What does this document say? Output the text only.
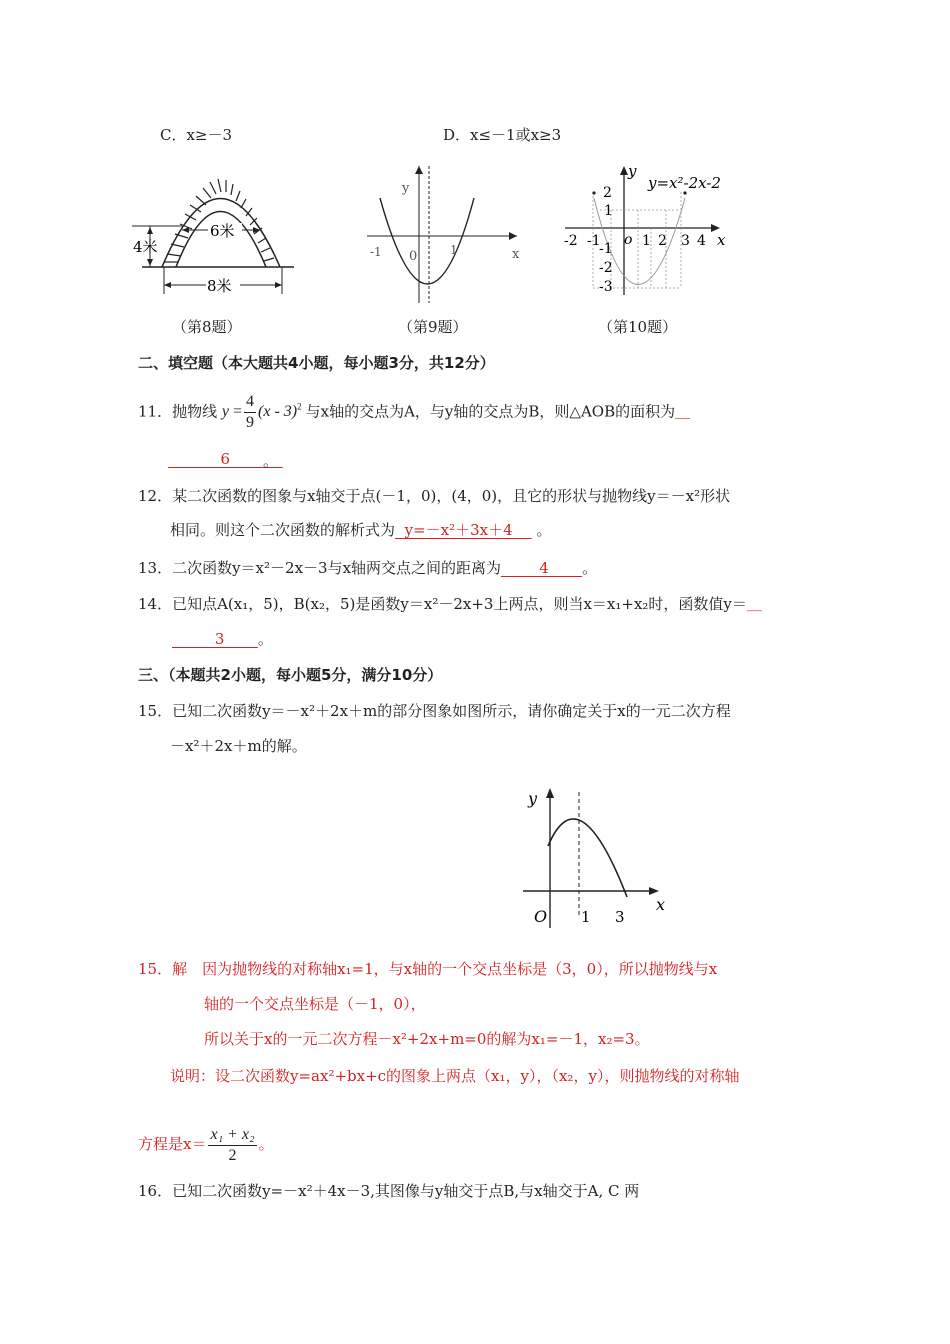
C．x≥－3	D．x≤－1或x≥3
6米
4米
8米
y
x
-1	1
0
y
x
y=x²-2x-2
o
-2 -1	1 2 3 4
2
1
-1
-2
-3
（第8题）	（第9题）	（第10题）
二、填空题（本大题共4小题，每小题3分，共12分）
11．抛物线 $y = \frac{4}{9} (x - 3)^2$ 与x轴的交点为A，与y轴的交点为B，则△AOB的面积为＿
6	。
12．某二次函数的图象与x轴交于点(－1，0)，(4，0)，且它的形状与抛物线y＝－x²形状
相同。则这个二次函数的解析式为 y=－x²＋3x＋4     。
13．二次函数y＝x²－2x－3与x轴两交点之间的距离为	4 。
14．已知点A(x₁，5)，B(x₂，5)是函数y＝x²－2x+3上两点，则当x＝x₁+x₂时，函数值y＝＿
3 。
三、（本题共2小题，每小题5分，满分10分）
15．已知二次函数y＝－x²＋2x＋m的部分图象如图所示，请你确定关于x的一元二次方程
－x²＋2x＋m的解。
y
x
O 1 3
15．解　因为抛物线的对称轴x₁=1，与x轴的一个交点坐标是（3，0），所以抛物线与x
轴的一个交点坐标是（－1，0），
所以关于x的一元二次方程－x²+2x+m=0的解为x₁=－1，x₂=3。
说明：设二次函数y=ax²+bx+c的图象上两点（x₁，y），（x₂，y），则抛物线的对称轴
方程是$x= \frac{\text{x₁ + x₂}}{2}$ 。
16．已知二次函数y=－x²＋4x－3,其图像与y轴交于点B,与x轴交于A, C 两
